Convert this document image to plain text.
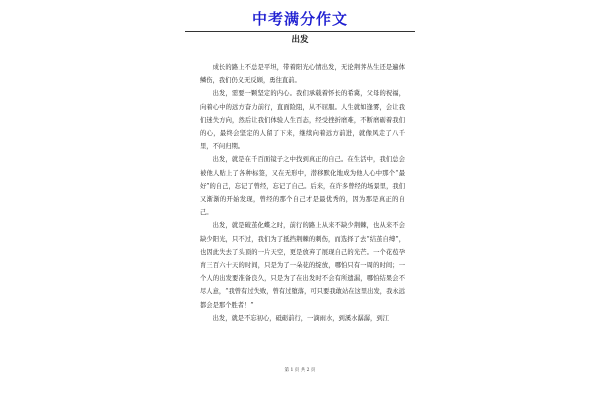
中考满分作文
出发

成长的路上不总是平坦，带着阳光心情出发，无论荆荠丛生还是遍体鳞伤，我们仍义无反顾，勇往直前。

出发，需要一颗坚定的内心。我们承载着怀长的希冀，父母的祝福，向着心中的远方奋力前行，直面险阻，从不屈服。人生就如逢雾，会让我们迷失方向，然后让我们体验人生百态，经受挫折磨难，不断磨砺着我们的心，最终会坚定的人留了下来，继续向着远方前进，就像风走了八千里，不问归期。

出发，就是在千百面镜子之中找到真正的自己。在生活中，我们总会被他人贴上了各种标签，又在无形中，潜移默化地成为他人心中那个“最好”的自己，忘记了曾经，忘记了自己。后来，在许多曾经的场景里，我们又渐渐的开始发现，曾经的那个自己才是最优秀的，因为那是真正的自己。

出发，就是破茧化蝶之时，前行的路上从来不缺少荆棘，也从来不会缺少阳光，只不过，我们为了抵挡荆棘的刺伤，而选择了去“结茧自缚”，也因此失去了头顶的一片天空，更是放弃了展现自己的光芒。一个花苞孕育三百六十天的时间，只是为了一朵花的绽放，哪怕只有一周的时间；一个人的出发要准备良久，只是为了在出发时不会有所遗漏，哪怕结果会不尽人意，“我曾有过失败，曾有过堕落，可只要我敢站在这里出发，我永远都会是那个胜者！”

出发，就是不忘初心，砥砺前行，一滴雨水，到溪水潺潺，到江

第 1 页 共 2 页
